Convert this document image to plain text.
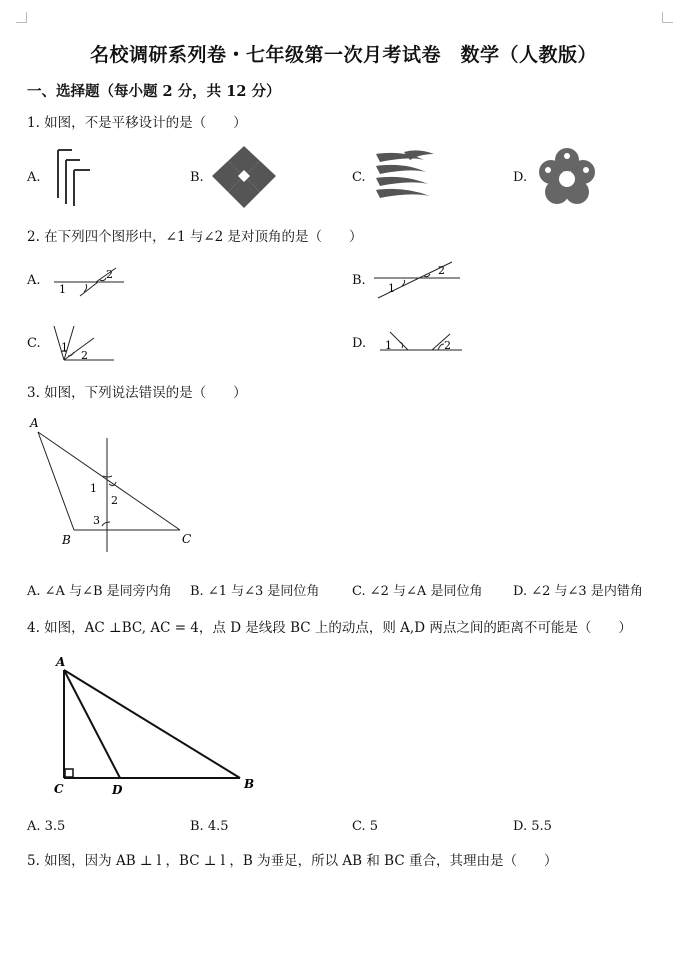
名校调研系列卷・七年级第一次月考试卷　数学（人教版）
一、选择题（每小题 2 分，共 12 分）
1. 如图，不是平移设计的是（　　）
A.	B.	C.	D.
2. 在下列四个图形中，∠1 与∠2 是对顶角的是（　　）
A.
1
2	B.
1
2
C. 1
2
D. 1	2
3. 如图，下列说法错误的是（　　）
A
B	C
1
2
3
A. ∠A 与∠B 是同旁内角 B. ∠1 与∠3 是同位角	C. ∠2 与∠A 是同位角 D. ∠2 与∠3 是内错角
4. 如图，AC ⊥BC, AC = 4，点 D 是线段 BC 上的动点，则 A,D 两点之间的距离不可能是（　　）
A
C	D	B
A. 3.5	B. 4.5	C. 5	D. 5.5
5. 如图，因为 AB ⊥ l ，BC ⊥ l ，B 为垂足，所以 AB 和 BC 重合，其理由是（　　）
